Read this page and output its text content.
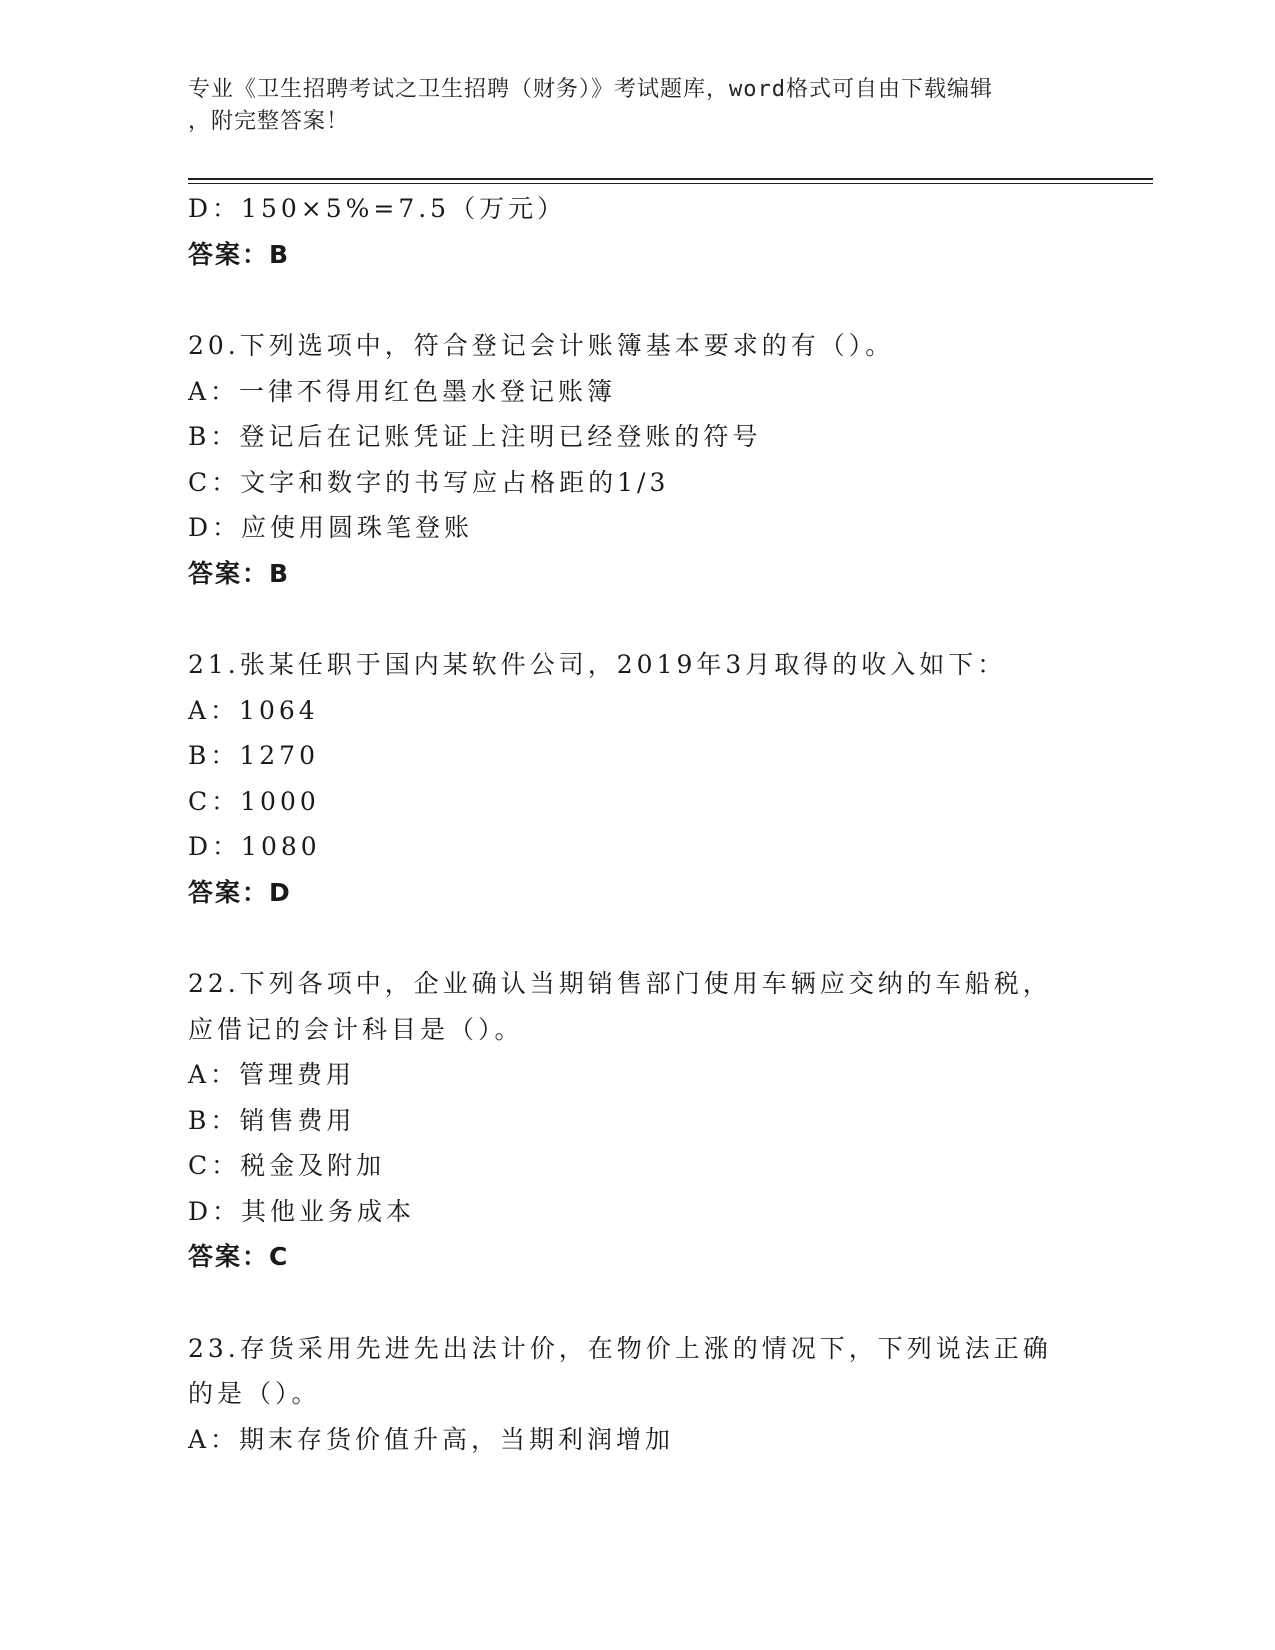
专业《卫生招聘考试之卫生招聘（财务）》考试题库，word格式可自由下载编辑
，附完整答案！
D：150×5%=7.5（万元）
答案：B
20.下列选项中，符合登记会计账簿基本要求的有（）。
A：一律不得用红色墨水登记账簿
B：登记后在记账凭证上注明已经登账的符号
C：文字和数字的书写应占格距的1/3
D：应使用圆珠笔登账
答案：B
21.张某任职于国内某软件公司，2019年3月取得的收入如下：
A：1064
B：1270
C：1000
D：1080
答案：D
22.下列各项中，企业确认当期销售部门使用车辆应交纳的车船税，应借记的会计科目是（）。
A：管理费用
B：销售费用
C：税金及附加
D：其他业务成本
答案：C
23.存货采用先进先出法计价，在物价上涨的情况下，下列说法正确的是（）。
A：期末存货价值升高，当期利润增加
